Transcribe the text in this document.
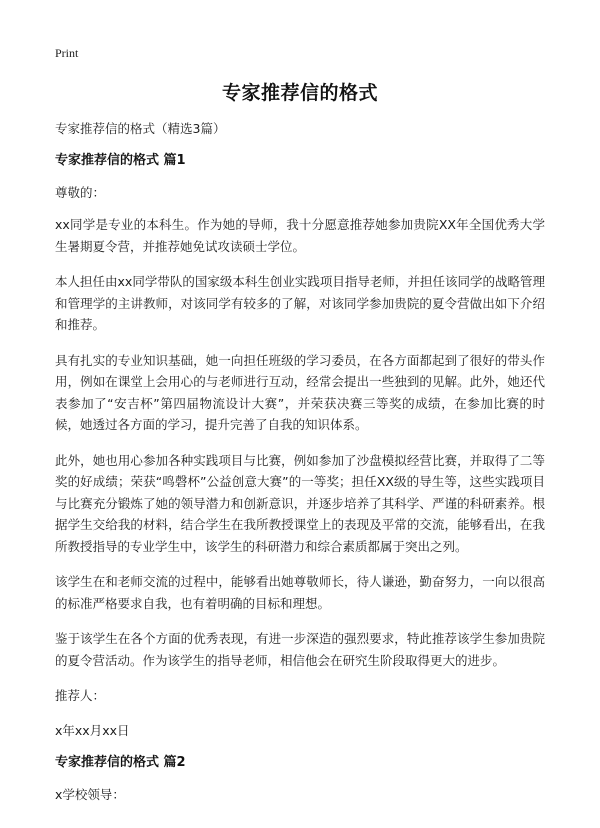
Print
专家推荐信的格式

专家推荐信的格式（精选3篇）

专家推荐信的格式 篇1

尊敬的：

xx同学是专业的本科生。作为她的导师，我十分愿意推荐她参加贵院XX年全国优秀大学生暑期夏令营，并推荐她免试攻读硕士学位。

本人担任由xx同学带队的国家级本科生创业实践项目指导老师，并担任该同学的战略管理和管理学的主讲教师，对该同学有较多的了解，对该同学参加贵院的夏令营做出如下介绍和推荐。

具有扎实的专业知识基础，她一向担任班级的学习委员，在各方面都起到了很好的带头作用，例如在课堂上会用心的与老师进行互动，经常会提出一些独到的见解。此外，她还代表参加了“安吉杯”第四届物流设计大赛”，并荣获决赛三等奖的成绩，在参加比赛的时候，她透过各方面的学习，提升完善了自我的知识体系。

此外，她也用心参加各种实践项目与比赛，例如参加了沙盘模拟经营比赛，并取得了二等奖的好成绩；荣获“鸣磬杯”公益创意大赛”的一等奖；担任XX级的导生等，这些实践项目与比赛充分锻炼了她的领导潜力和创新意识，并逐步培养了其科学、严谨的科研素养。根据学生交给我的材料，结合学生在我所教授课堂上的表现及平常的交流，能够看出，在我所教授指导的专业学生中，该学生的科研潜力和综合素质都属于突出之列。

该学生在和老师交流的过程中，能够看出她尊敬师长，待人谦逊，勤奋努力，一向以很高的标准严格要求自我，也有着明确的目标和理想。

鉴于该学生在各个方面的优秀表现，有进一步深造的强烈要求，特此推荐该学生参加贵院的夏令营活动。作为该学生的指导老师，相信他会在研究生阶段取得更大的进步。

推荐人：

x年xx月xx日

专家推荐信的格式 篇2

x学校领导：
